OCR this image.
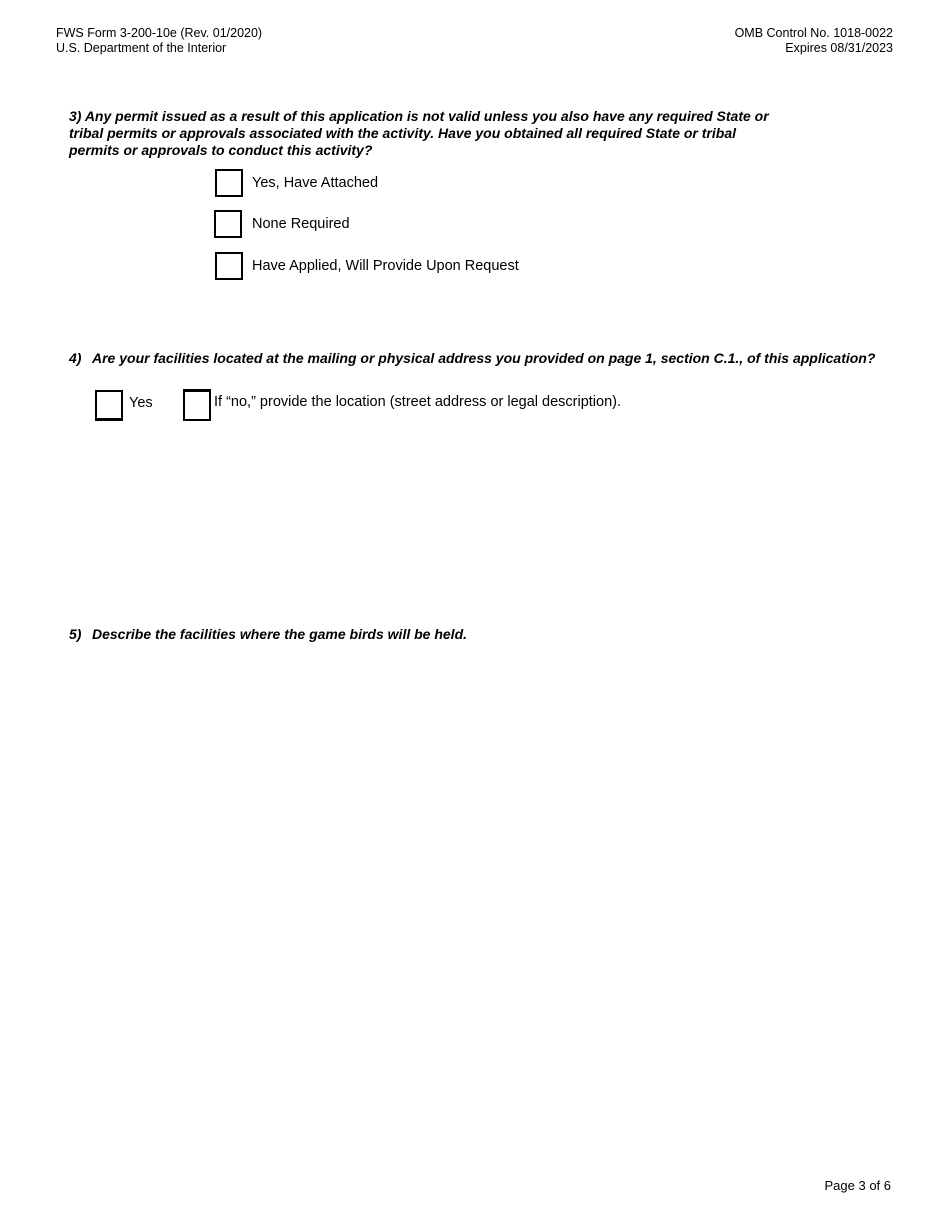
FWS Form 3-200-10e (Rev. 01/2020)
U.S. Department of the Interior
OMB Control No. 1018-0022
Expires 08/31/2023
3) Any permit issued as a result of this application is not valid unless you also have any required State or tribal permits or approvals associated with the activity. Have you obtained all required State or tribal permits or approvals to conduct this activity?
Yes, Have Attached
None Required
Have Applied, Will Provide Upon Request
4) Are your facilities located at the mailing or physical address you provided on page 1, section C.1., of this application?
Yes	If “no,” provide the location (street address or legal description).
5) Describe the facilities where the game birds will be held.
Page 3 of 6
